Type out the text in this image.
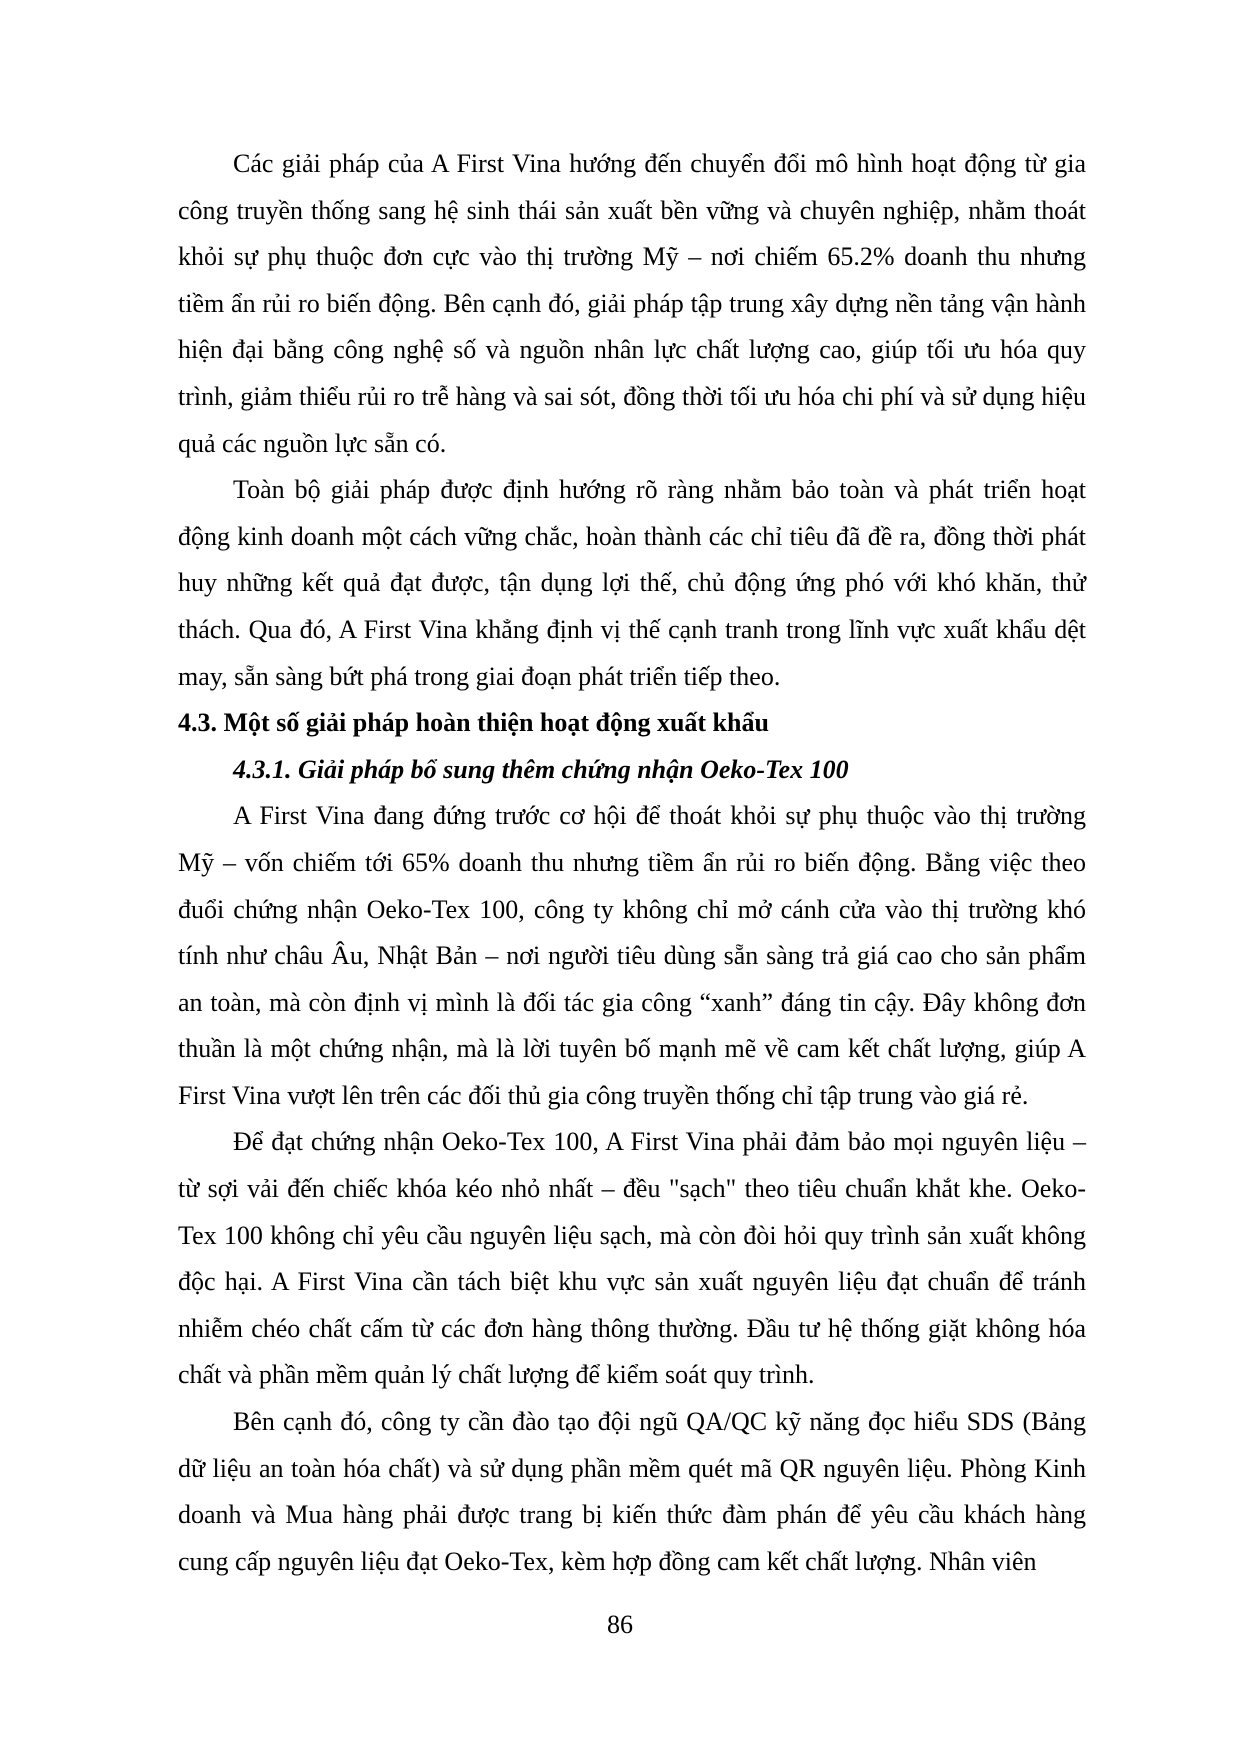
Các giải pháp của A First Vina hướng đến chuyển đổi mô hình hoạt động từ gia công truyền thống sang hệ sinh thái sản xuất bền vững và chuyên nghiệp, nhằm thoát khỏi sự phụ thuộc đơn cực vào thị trường Mỹ – nơi chiếm 65.2% doanh thu nhưng tiềm ẩn rủi ro biến động. Bên cạnh đó, giải pháp tập trung xây dựng nền tảng vận hành hiện đại bằng công nghệ số và nguồn nhân lực chất lượng cao, giúp tối ưu hóa quy trình, giảm thiểu rủi ro trễ hàng và sai sót, đồng thời tối ưu hóa chi phí và sử dụng hiệu quả các nguồn lực sẵn có.

Toàn bộ giải pháp được định hướng rõ ràng nhằm bảo toàn và phát triển hoạt động kinh doanh một cách vững chắc, hoàn thành các chỉ tiêu đã đề ra, đồng thời phát huy những kết quả đạt được, tận dụng lợi thế, chủ động ứng phó với khó khăn, thử thách. Qua đó, A First Vina khẳng định vị thế cạnh tranh trong lĩnh vực xuất khẩu dệt may, sẵn sàng bứt phá trong giai đoạn phát triển tiếp theo.

4.3. Một số giải pháp hoàn thiện hoạt động xuất khẩu
4.3.1. Giải pháp bổ sung thêm chứng nhận Oeko-Tex 100

A First Vina đang đứng trước cơ hội để thoát khỏi sự phụ thuộc vào thị trường Mỹ – vốn chiếm tới 65% doanh thu nhưng tiềm ẩn rủi ro biến động. Bằng việc theo đuổi chứng nhận Oeko-Tex 100, công ty không chỉ mở cánh cửa vào thị trường khó tính như châu Âu, Nhật Bản – nơi người tiêu dùng sẵn sàng trả giá cao cho sản phẩm an toàn, mà còn định vị mình là đối tác gia công “xanh” đáng tin cậy. Đây không đơn thuần là một chứng nhận, mà là lời tuyên bố mạnh mẽ về cam kết chất lượng, giúp A First Vina vượt lên trên các đối thủ gia công truyền thống chỉ tập trung vào giá rẻ.

Để đạt chứng nhận Oeko-Tex 100, A First Vina phải đảm bảo mọi nguyên liệu – từ sợi vải đến chiếc khóa kéo nhỏ nhất – đều "sạch" theo tiêu chuẩn khắt khe. Oeko-Tex 100 không chỉ yêu cầu nguyên liệu sạch, mà còn đòi hỏi quy trình sản xuất không độc hại. A First Vina cần tách biệt khu vực sản xuất nguyên liệu đạt chuẩn để tránh nhiễm chéo chất cấm từ các đơn hàng thông thường. Đầu tư hệ thống giặt không hóa chất và phần mềm quản lý chất lượng để kiểm soát quy trình.

Bên cạnh đó, công ty cần đào tạo đội ngũ QA/QC kỹ năng đọc hiểu SDS (Bảng dữ liệu an toàn hóa chất) và sử dụng phần mềm quét mã QR nguyên liệu. Phòng Kinh doanh và Mua hàng phải được trang bị kiến thức đàm phán để yêu cầu khách hàng cung cấp nguyên liệu đạt Oeko-Tex, kèm hợp đồng cam kết chất lượng. Nhân viên

86
